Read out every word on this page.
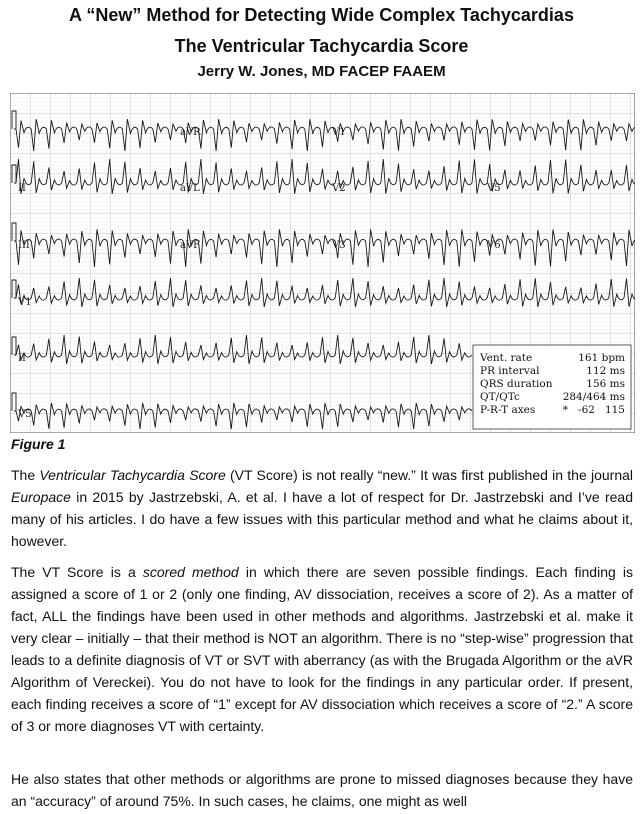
A “New” Method for Detecting Wide Complex Tachycardias
The Ventricular Tachycardia Score
Jerry W. Jones, MD FACEP FAAEM
aVR	V1
II	aVL	V2	V5
III	aVF	V3	V6
V1
II
V5
Vent. rate	161 bpm
PR interval	112 ms
QRS duration	156 ms
QT/QTc	284/464 ms
P-R-T axes	*   -62   115
Figure 1

The Ventricular Tachycardia Score (VT Score) is not really “new.” It was first published in the journal Europace in 2015 by Jastrzebski, A. et al. I have a lot of respect for Dr. Jastrzebski and I’ve read many of his articles. I do have a few issues with this particular method and what he claims about it, however.

The VT Score is a scored method in which there are seven possible findings. Each finding is assigned a score of 1 or 2 (only one finding, AV dissociation, receives a score of 2). As a matter of fact, ALL the findings have been used in other methods and algorithms. Jastrzebski et al. make it very clear – initially – that their method is NOT an algorithm. There is no “step-wise” progression that leads to a definite diagnosis of VT or SVT with aberrancy (as with the Brugada Algorithm or the aVR Algorithm of Vereckei). You do not have to look for the findings in any particular order. If present, each finding receives a score of “1” except for AV dissociation which receives a score of “2.” A score of 3 or more diagnoses VT with certainty.

He also states that other methods or algorithms are prone to missed diagnoses because they have an “accuracy” of around 75%. In such cases, he claims, one might as well
